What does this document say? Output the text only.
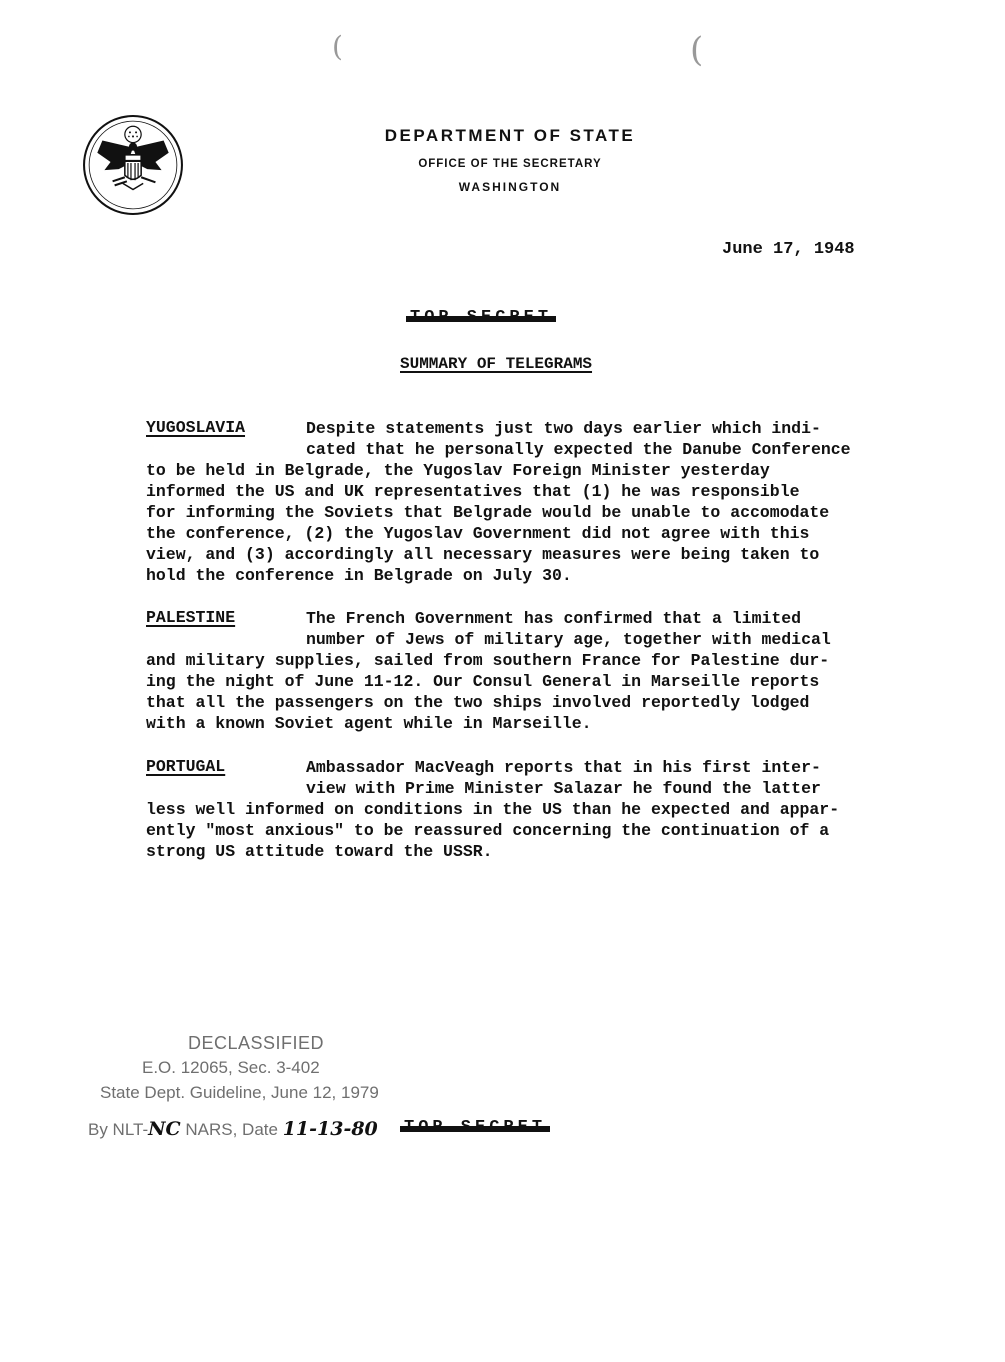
(	(
DEPARTMENT OF STATE
OFFICE OF THE SECRETARY
WASHINGTON
June 17, 1948
SUMMARY OF TELEGRAMS
YUGOSLAVIA	Despite statements just two days earlier which indi-
cated that he personally expected the Danube Conference
to be held in Belgrade, the Yugoslav Foreign Minister yesterday
informed the US and UK representatives that (1) he was responsible
for informing the Soviets that Belgrade would be unable to accomodate
the conference, (2) the Yugoslav Government did not agree with this
view, and (3) accordingly all necessary measures were being taken to
hold the conference in Belgrade on July 30.
PALESTINE	The French Government has confirmed that a limited
number of Jews of military age, together with medical
and military supplies, sailed from southern France for Palestine dur-
ing the night of June 11-12. Our Consul General in Marseille reports
that all the passengers on the two ships involved reportedly lodged
with a known Soviet agent while in Marseille.
PORTUGAL	Ambassador MacVeagh reports that in his first inter-
view with Prime Minister Salazar he found the latter
less well informed on conditions in the US than he expected and appar-
ently "most anxious" to be reassured concerning the continuation of a
strong US attitude toward the USSR.
DECLASSIFIED
E.O. 12065, Sec. 3-402
State Dept. Guideline, June 12, 1979
By NLT-NC NARS, Date 11-13-80
